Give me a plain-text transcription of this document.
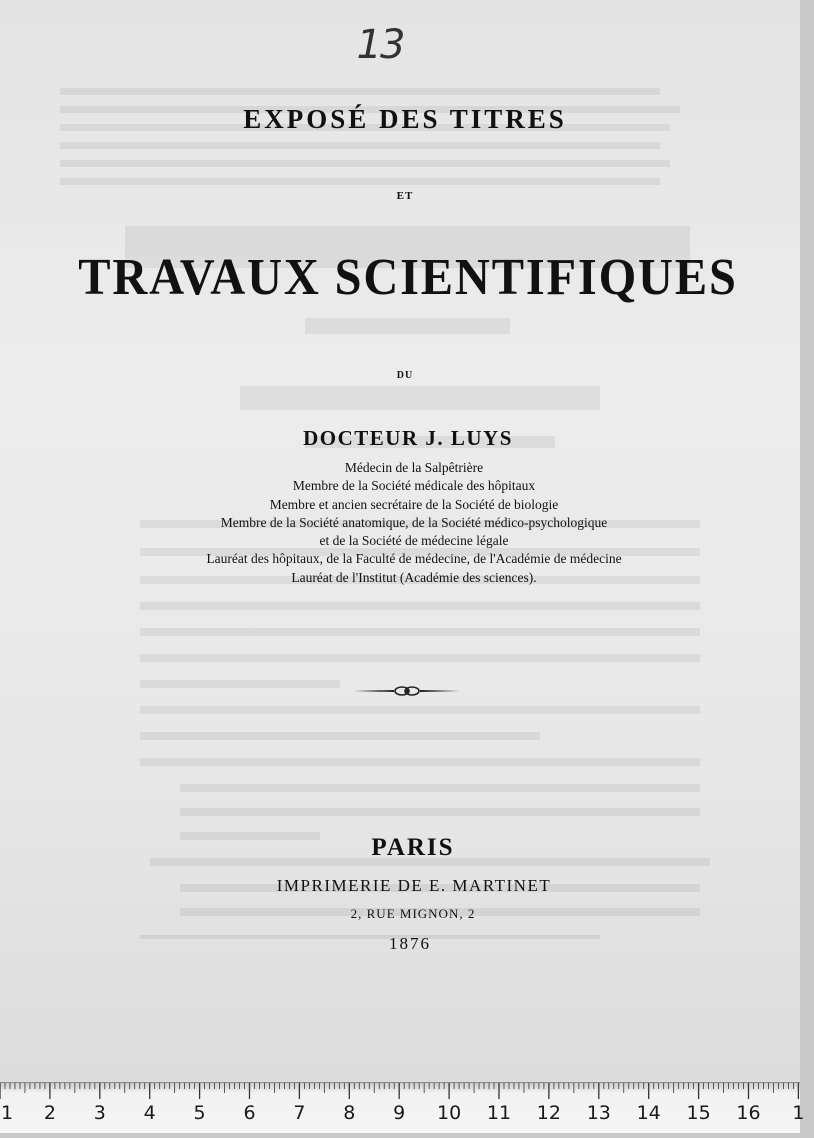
13
EXPOSÉ DES TITRES
ET
TRAVAUX SCIENTIFIQUES
DU
DOCTEUR J. LUYS
Médecin de la Salpêtrière
Membre de la Société médicale des hôpitaux
Membre et ancien secrétaire de la Société de biologie
Membre de la Société anatomique, de la Société médico-psychologique
et de la Société de médecine légale
Lauréat des hôpitaux, de la Faculté de médecine, de l'Académie de médecine
Lauréat de l'Institut (Académie des sciences).
PARIS
IMPRIMERIE DE E. MARTINET
2, RUE MIGNON, 2
1876
1 2 3 4 5 6 7 8 9 10 11 12 13 14 15 16 1
